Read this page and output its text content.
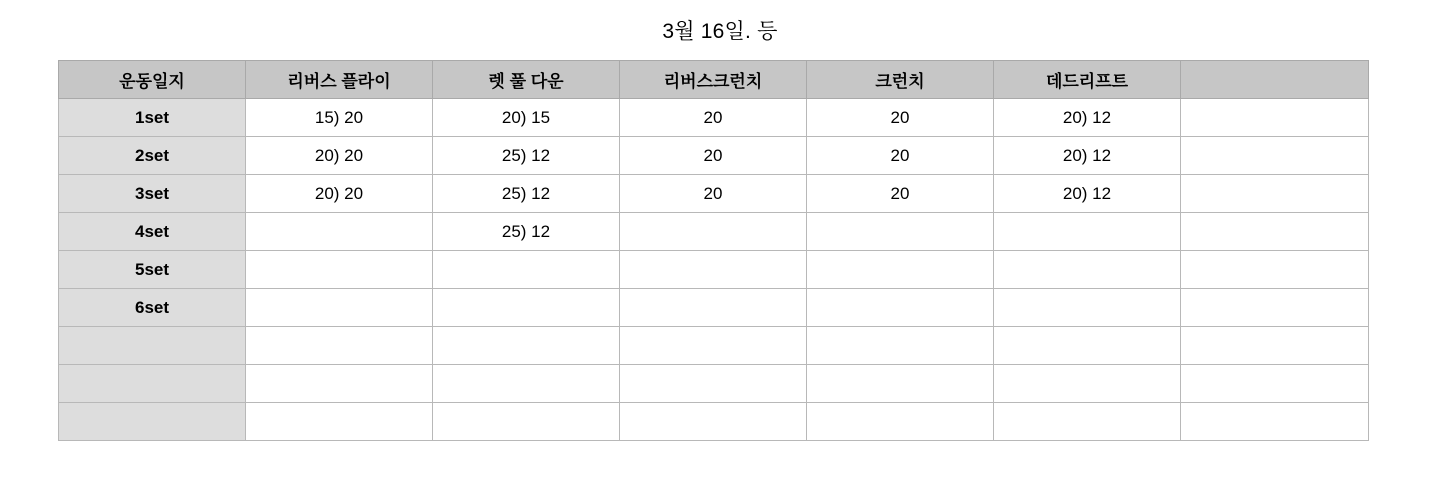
3월 16일. 등
운동일지	리버스 플라이	렛 풀 다운	리버스크런치	크런치	데드리프트	
1set	15) 20	20) 15	20	20	20) 12	
2set	20) 20	25) 12	20	20	20) 12	
3set	20) 20	25) 12	20	20	20) 12	
4set		25) 12				
5set						
6set						
